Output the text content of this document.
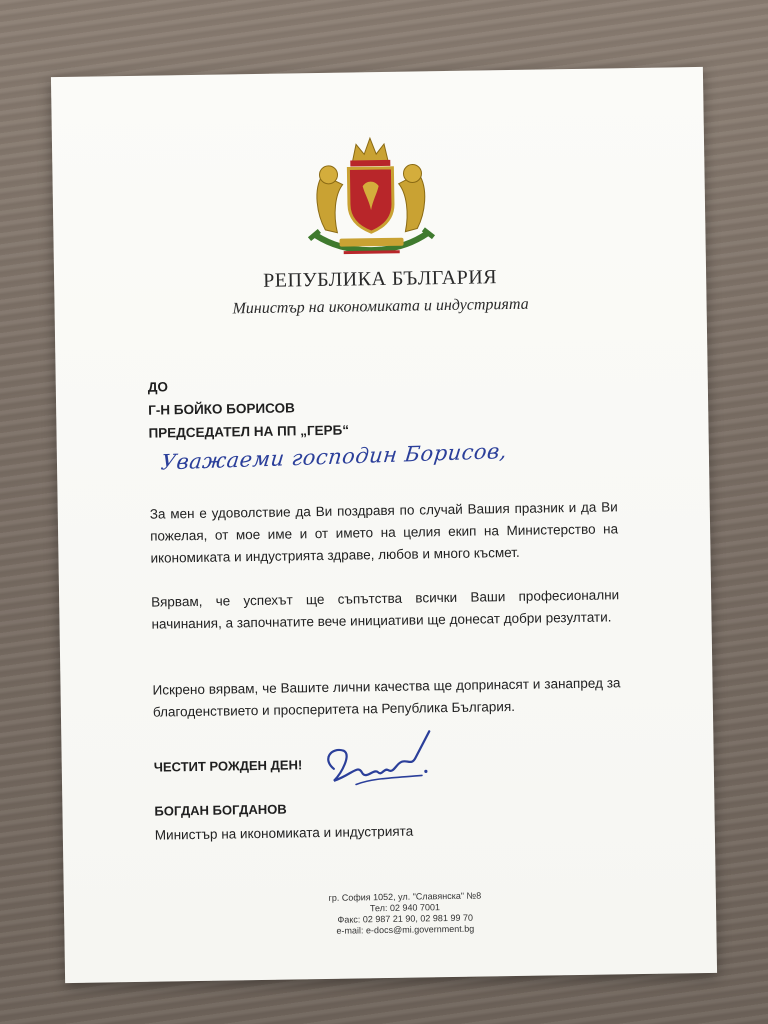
РЕПУБЛИКА БЪЛГАРИЯ
Министър на икономиката и индустрията
ДО
Г-Н БОЙКО БОРИСОВ
ПРЕДСЕДАТЕЛ НА ПП „ГЕРБ“
Уважаеми господин Борисов,
За мен е удоволствие да Ви поздравя по случай Вашия празник и да Ви пожелая, от мое име и от името на целия екип на Министерство на икономиката и индустрията здраве, любов и много късмет.
Вярвам, че успехът ще съпътства всички Ваши професионални начинания, а започнатите вече инициативи ще донесат добри резултати.
Искрено вярвам, че Вашите лични качества ще допринасят и занапред за благоденствието и просперитета на Република България.
ЧЕСТИТ РОЖДЕН ДЕН!
БОГДАН БОГДАНОВ
Министър на икономиката и индустрията
гр. София 1052, ул. "Славянска" №8
Тел: 02 940 7001
Факс: 02 987 21 90, 02 981 99 70
e-mail: e-docs@mi.government.bg
